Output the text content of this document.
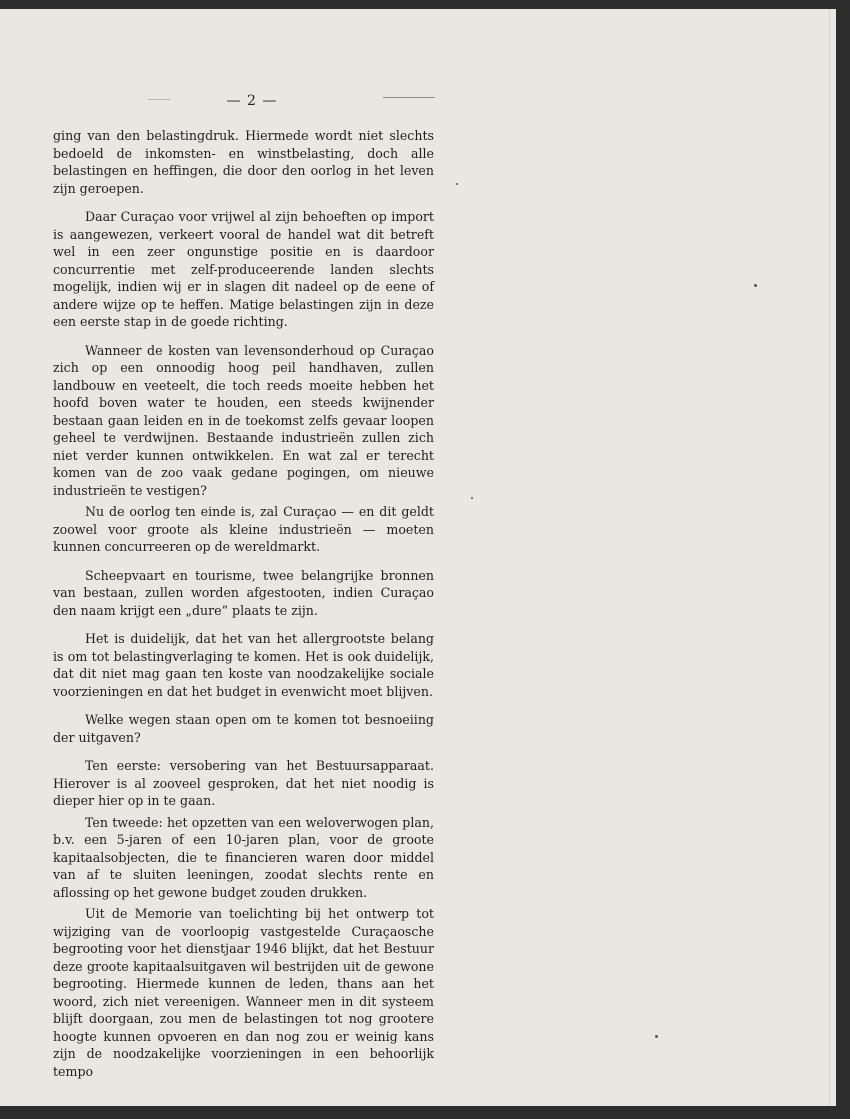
— 2 —

ging van den belastingdruk. Hiermede wordt niet slechts bedoeld de inkomsten- en winstbelasting, doch alle belastingen en heffingen, die door den oorlog in het leven zijn geroepen.

Daar Curaçao voor vrijwel al zijn behoeften op import is aangewezen, verkeert vooral de handel wat dit betreft wel in een zeer ongunstige positie en is daardoor concurrentie met zelf-produceerende landen slechts mogelijk, indien wij er in slagen dit nadeel op de eene of andere wijze op te heffen. Matige belastingen zijn in deze een eerste stap in de goede richting.

Wanneer de kosten van levensonderhoud op Curaçao zich op een onnoodig hoog peil handhaven, zullen landbouw en veeteelt, die toch reeds moeite hebben het hoofd boven water te houden, een steeds kwijnender bestaan gaan leiden en in de toekomst zelfs gevaar loopen geheel te verdwijnen. Bestaande industrieën zullen zich niet verder kunnen ontwikkelen. En wat zal er terecht komen van de zoo vaak gedane pogingen, om nieuwe industrieën te vestigen?

Nu de oorlog ten einde is, zal Curaçao — en dit geldt zoowel voor groote als kleine industrieën — moeten kunnen concurreeren op de wereldmarkt.

Scheepvaart en tourisme, twee belangrijke bronnen van bestaan, zullen worden afgestooten, indien Curaçao den naam krijgt een „dure” plaats te zijn.

Het is duidelijk, dat het van het allergrootste belang is om tot belastingverlaging te komen. Het is ook duidelijk, dat dit niet mag gaan ten koste van noodzakelijke sociale voorzieningen en dat het budget in evenwicht moet blijven.

Welke wegen staan open om te komen tot besnoeiing der uitgaven?

Ten eerste: versobering van het Bestuursapparaat. Hierover is al zooveel gesproken, dat het niet noodig is dieper hier op in te gaan.

Ten tweede: het opzetten van een weloverwogen plan, b.v. een 5-jaren of een 10-jaren plan, voor de groote kapitaalsobjecten, die te financieren waren door middel van af te sluiten leeningen, zoodat slechts rente en aflossing op het gewone budget zouden drukken.

Uit de Memorie van toelichting bij het ontwerp tot wijziging van de voorloopig vastgestelde Curaçaosche begrooting voor het dienstjaar 1946 blijkt, dat het Bestuur deze groote kapitaalsuitgaven wil bestrijden uit de gewone begrooting. Hiermede kunnen de leden, thans aan het woord, zich niet vereenigen. Wanneer men in dit systeem blijft doorgaan, zou men de belastingen tot nog grootere hoogte kunnen opvoeren en dan nog zou er weinig kans zijn de noodzakelijke voorzieningen in een behoorlijk tempo
